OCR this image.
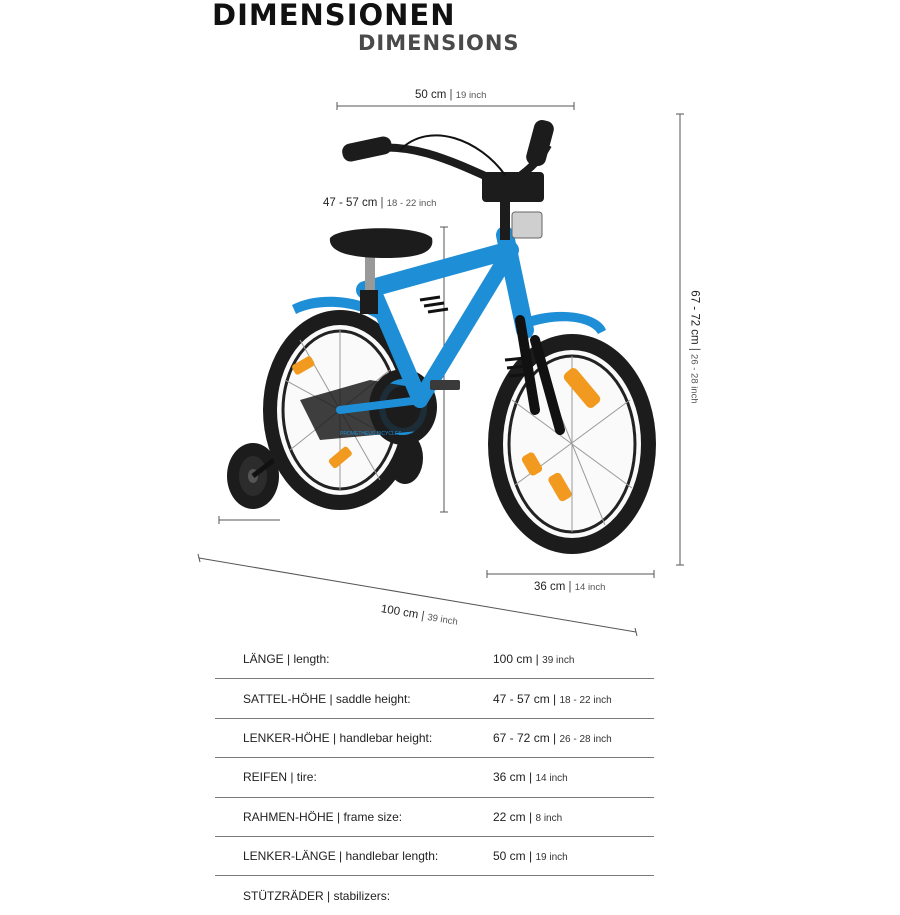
DIMENSIONEN
DIMENSIONS
PROMETHEUS BICYCLES
50 cm | 19 inch
47 - 57 cm | 18 - 22 inch
67 - 72 cm | 26 - 28 inch
36 cm | 14 inch
100 cm | 39 inch
LÄNGE | length:	100 cm | 39 inch
SATTEL-HÖHE | saddle height:	47 - 57 cm | 18 - 22 inch
LENKER-HÖHE | handlebar height:	67 - 72 cm | 26 - 28 inch
REIFEN | tire:	36 cm | 14 inch
RAHMEN-HÖHE | frame size:	22 cm | 8 inch
LENKER-LÄNGE | handlebar length:	50 cm | 19 inch
STÜTZRÄDER | stabilizers:	
